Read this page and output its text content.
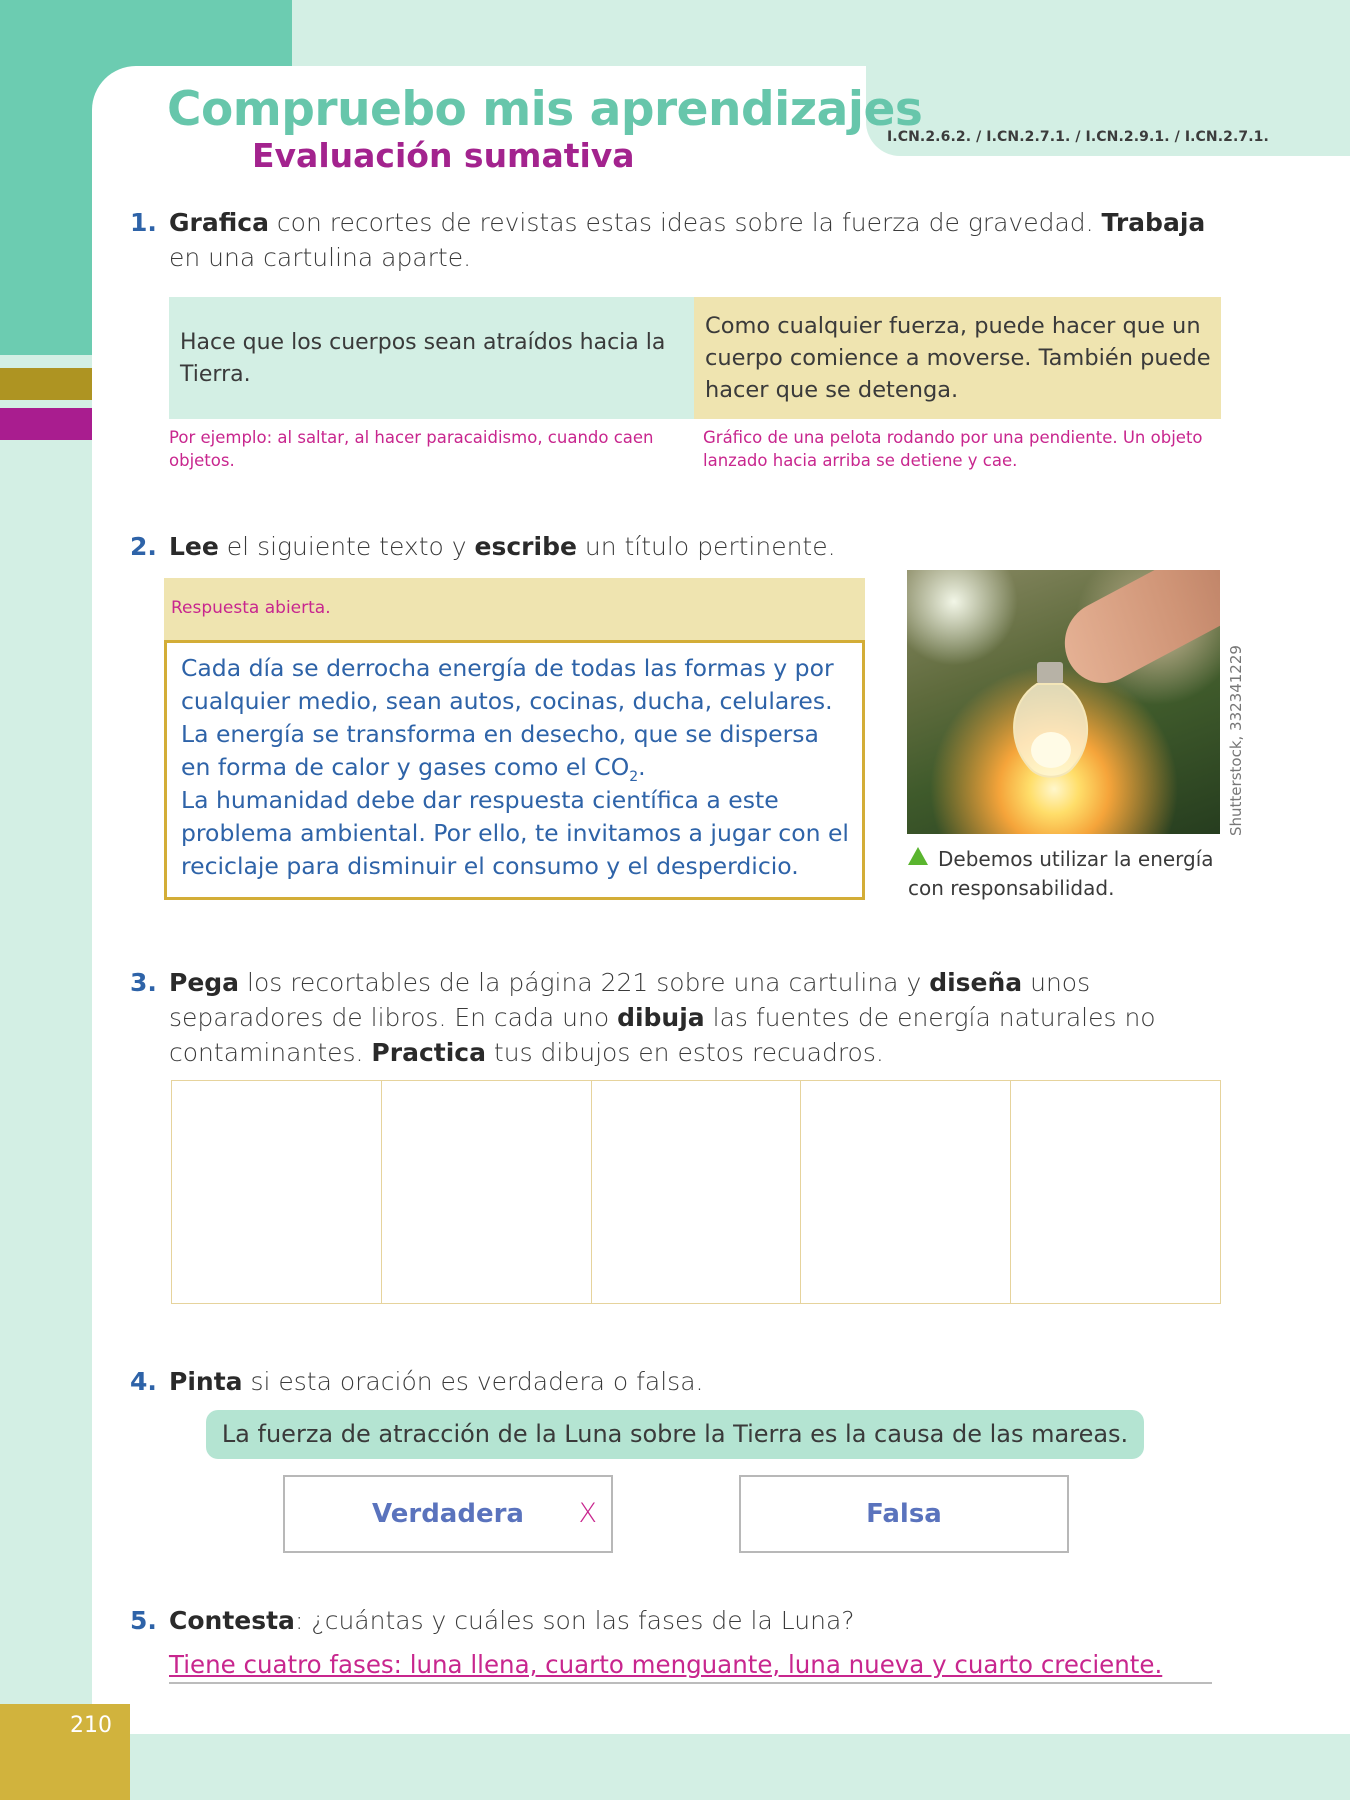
I.CN.2.6.2. / I.CN.2.7.1. / I.CN.2.9.1. / I.CN.2.7.1.
Compruebo mis aprendizajes
Evaluación sumativa
1. Grafica con recortes de revistas estas ideas sobre la fuerza de gravedad. Trabaja en una cartulina aparte.
Hace que los cuerpos sean atraídos hacia la Tierra.
Como cualquier fuerza, puede hacer que un cuerpo comience a moverse. También puede hacer que se detenga.
Por ejemplo: al saltar, al hacer paracaidismo, cuando caen objetos.
Gráfico de una pelota rodando por una pendiente. Un objeto lanzado hacia arriba se detiene y cae.
2. Lee el siguiente texto y escribe un título pertinente.
Respuesta abierta.

Cada día se derrocha energía de todas las formas y por cualquier medio, sean autos, cocinas, ducha, celulares. La energía se transforma en desecho, que se dispersa en forma de calor y gases como el $CO_2$.

La humanidad debe dar respuesta científica a este problema ambiental. Por ello, te invitamos a jugar con el reciclaje para disminuir el consumo y el desperdicio.

Shutterstock, 332341229
Debemos utilizar la energía con responsabilidad.
3. Pega los recortables de la página 221 sobre una cartulina y diseña unos separadores de libros. En cada uno dibuja las fuentes de energía naturales no contaminantes. Practica tus dibujos en estos recuadros.
4. Pinta si esta oración es verdadera o falsa.
La fuerza de atracción de la Luna sobre la Tierra es la causa de las mareas.
Verdadera X	Falsa
5. Contesta: ¿cuántas y cuáles son las fases de la Luna?
Tiene cuatro fases: luna llena, cuarto menguante, luna nueva y cuarto creciente.
210
